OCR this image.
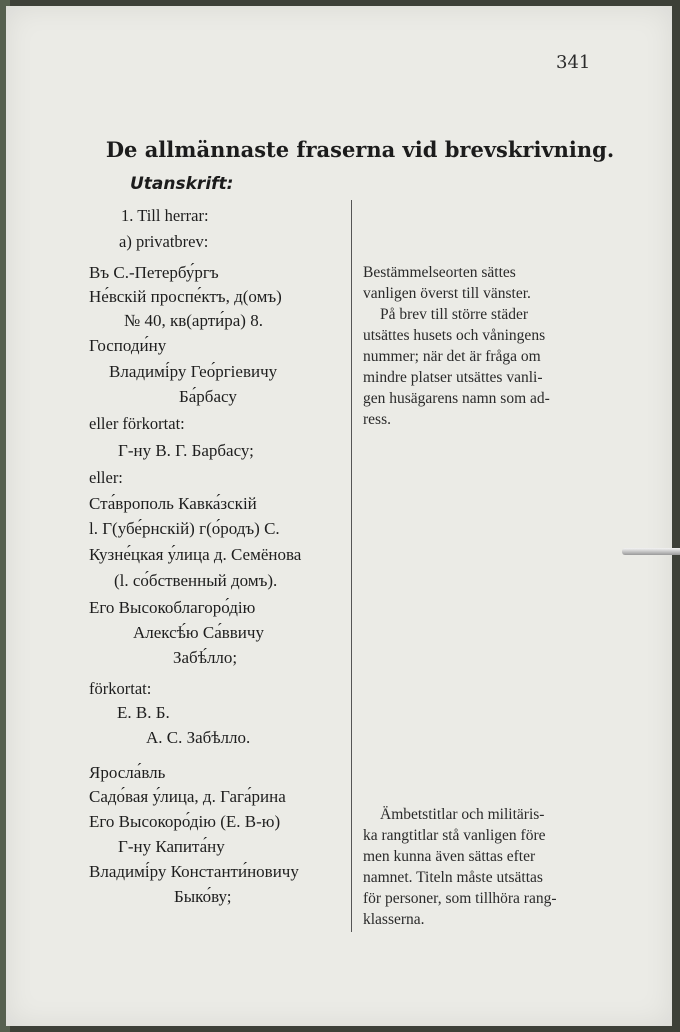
341
De allmännaste fraserna vid brevskrivning.
Utanskrift:
1. Till herrar:
a) privatbrev:
Въ С.-Петербу́ргъ
Не́вскій проспе́ктъ, д(омъ)
№ 40, кв(арти́ра) 8.
Господи́ну
Владимі́ру Гео́ргіевичу
Ба́рбасу
eller förkortat:
Г-ну В. Г. Барбасу;
eller:
Ста́врополь Кавка́зскій
l. Г(убе́рнскій) г(о́родъ) С.
Кузне́цкая у́лица д. Семёнова
(l. со́бственный домъ).
Его Высокоблагоро́дію
Алексѣ́ю Са́ввичу
Забѣ́лло;
förkortat:
Е. В. Б.
А. С. Забѣлло.
Яросла́вль
Садо́вая у́лица, д. Гага́рина
Его Высокоро́дію (Е. В-ю)
Г-ну Капита́ну
Владимі́ру Константи́новичу
Быко́ву;
Bestämmelseorten sättes
vanligen överst till vänster.
På brev till större städer
utsättes husets och våningens
nummer; när det är fråga om
mindre platser utsättes vanli-
gen husägarens namn som ad-
ress.
Ämbetstitlar och militäris-
ka rangtitlar stå vanligen före
men kunna även sättas efter
namnet. Titeln måste utsättas
för personer, som tillhöra rang-
klasserna.
